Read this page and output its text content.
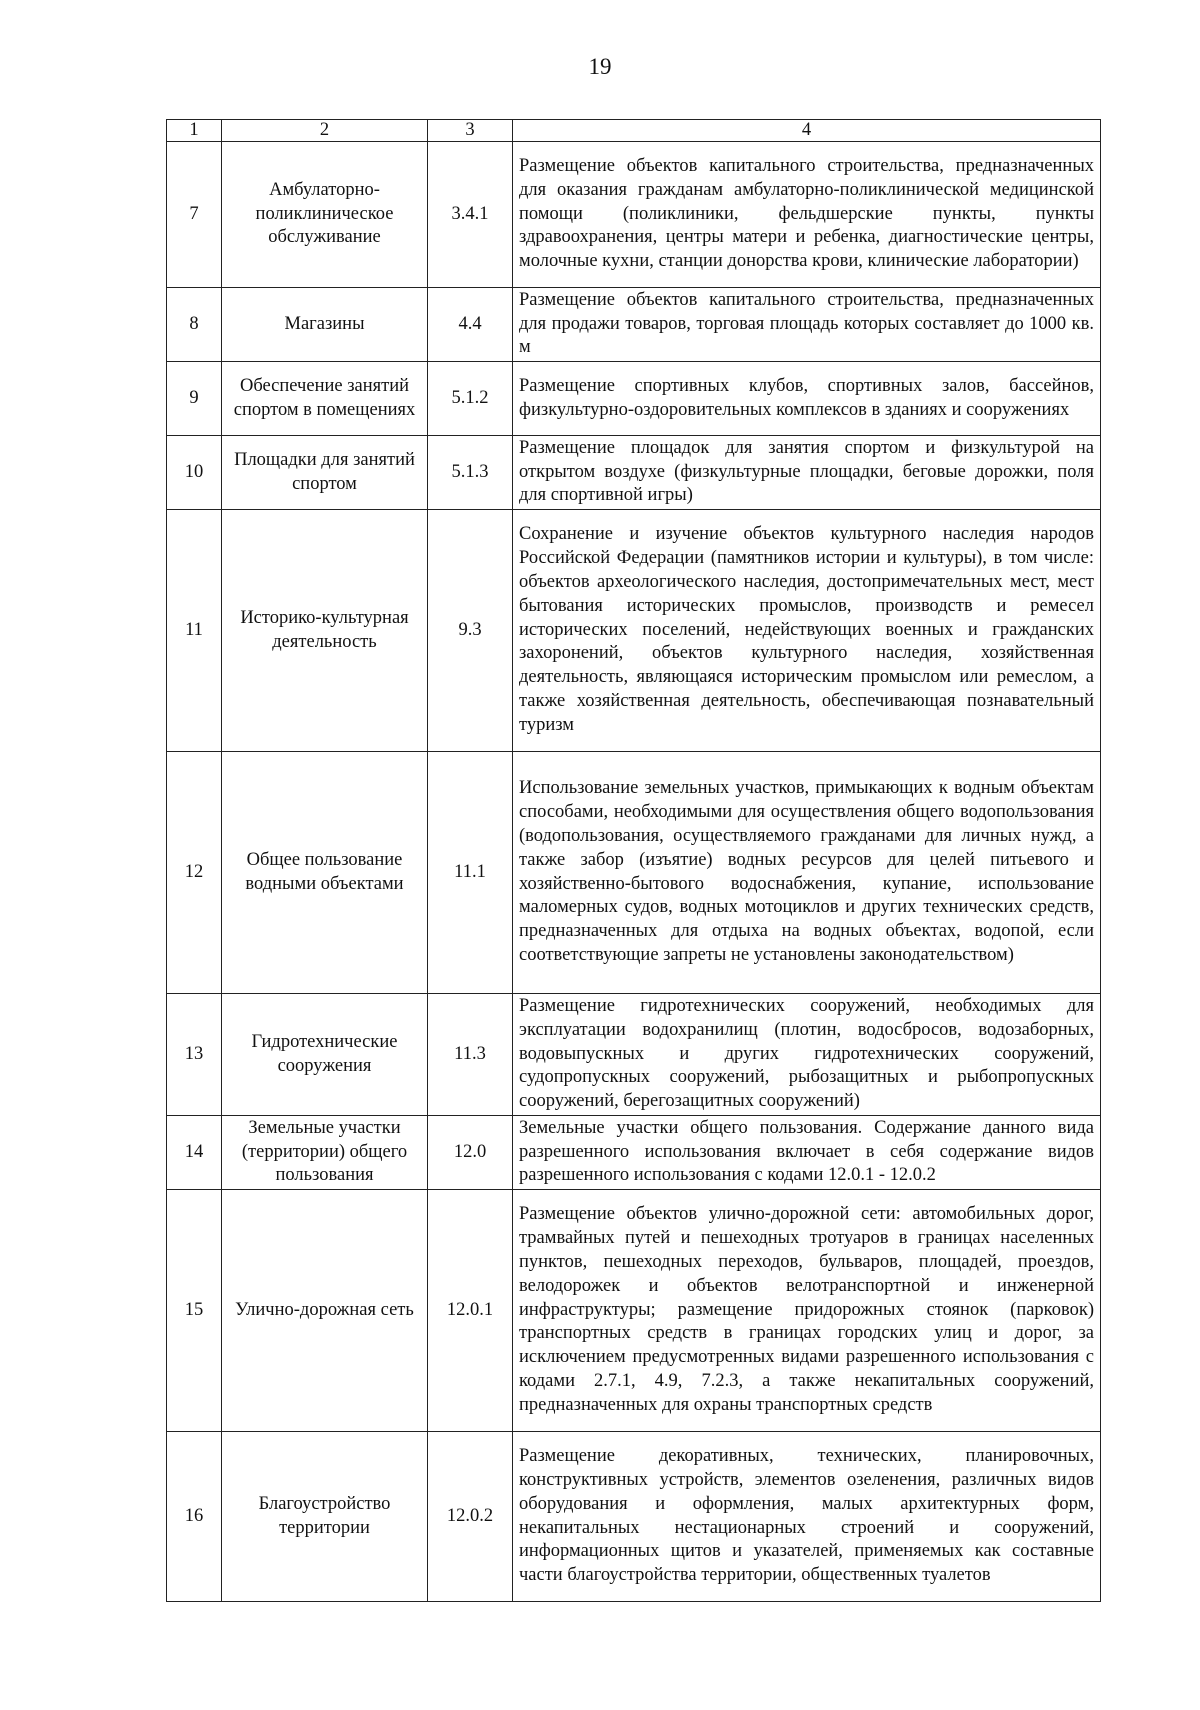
19
1	2	3	4
7	Амбулаторно-поликлиническое обслуживание	3.4.1	Размещение объектов капитального строительства, предназначенных для оказания гражданам амбулаторно-поликлинической медицинской помощи (поликлиники, фельдшерские пункты, пункты здравоохранения, центры матери и ребенка, диагностические центры, молочные кухни, станции донорства крови, клинические лаборатории)
8	Магазины	4.4	Размещение объектов капитального строительства, предназначенных для продажи товаров, торговая площадь которых составляет до 1000 кв. м
9	Обеспечение занятий спортом в помещениях	5.1.2	Размещение спортивных клубов, спортивных залов, бассейнов, физкультурно-оздоровительных комплексов в зданиях и сооружениях
10	Площадки для занятий спортом	5.1.3	Размещение площадок для занятия спортом и физкультурой на открытом воздухе (физкультурные площадки, беговые дорожки, поля для спортивной игры)
11	Историко-культурная деятельность	9.3	Сохранение и изучение объектов культурного наследия народов Российской Федерации (памятников истории и культуры), в том числе: объектов археологического наследия, достопримечательных мест, мест бытования исторических промыслов, производств и ремесел исторических поселений, недействующих военных и гражданских захоронений, объектов культурного наследия, хозяйственная деятельность, являющаяся историческим промыслом или ремеслом, а также хозяйственная деятельность, обеспечивающая познавательный туризм
12	Общее пользование водными объектами	11.1	Использование земельных участков, примыкающих к водным объектам способами, необходимыми для осуществления общего водопользования (водопользования, осуществляемого гражданами для личных нужд, а также забор (изъятие) водных ресурсов для целей питьевого и хозяйственно-бытового водоснабжения, купание, использование маломерных судов, водных мотоциклов и других технических средств, предназначенных для отдыха на водных объектах, водопой, если соответствующие запреты не установлены законодательством)
13	Гидротехнические сооружения	11.3	Размещение гидротехнических сооружений, необходимых для эксплуатации водохранилищ (плотин, водосбросов, водозаборных, водовыпускных и других гидротехнических сооружений, судопропускных сооружений, рыбозащитных и рыбопропускных сооружений, берегозащитных сооружений)
14	Земельные участки (территории) общего пользования	12.0	Земельные участки общего пользования. Содержание данного вида разрешенного использования включает в себя содержание видов разрешенного использования с кодами 12.0.1 - 12.0.2
15	Улично-дорожная сеть	12.0.1	Размещение объектов улично-дорожной сети: автомобильных дорог, трамвайных путей и пешеходных тротуаров в границах населенных пунктов, пешеходных переходов, бульваров, площадей, проездов, велодорожек и объектов велотранспортной и инженерной инфраструктуры; размещение придорожных стоянок (парковок) транспортных средств в границах городских улиц и дорог, за исключением предусмотренных видами разрешенного использования с кодами 2.7.1, 4.9, 7.2.3, а также некапитальных сооружений, предназначенных для охраны транспортных средств
16	Благоустройство территории	12.0.2	Размещение декоративных, технических, планировочных, конструктивных устройств, элементов озеленения, различных видов оборудования и оформления, малых архитектурных форм, некапитальных нестационарных строений и сооружений, информационных щитов и указателей, применяемых как составные части благоустройства территории, общественных туалетов
